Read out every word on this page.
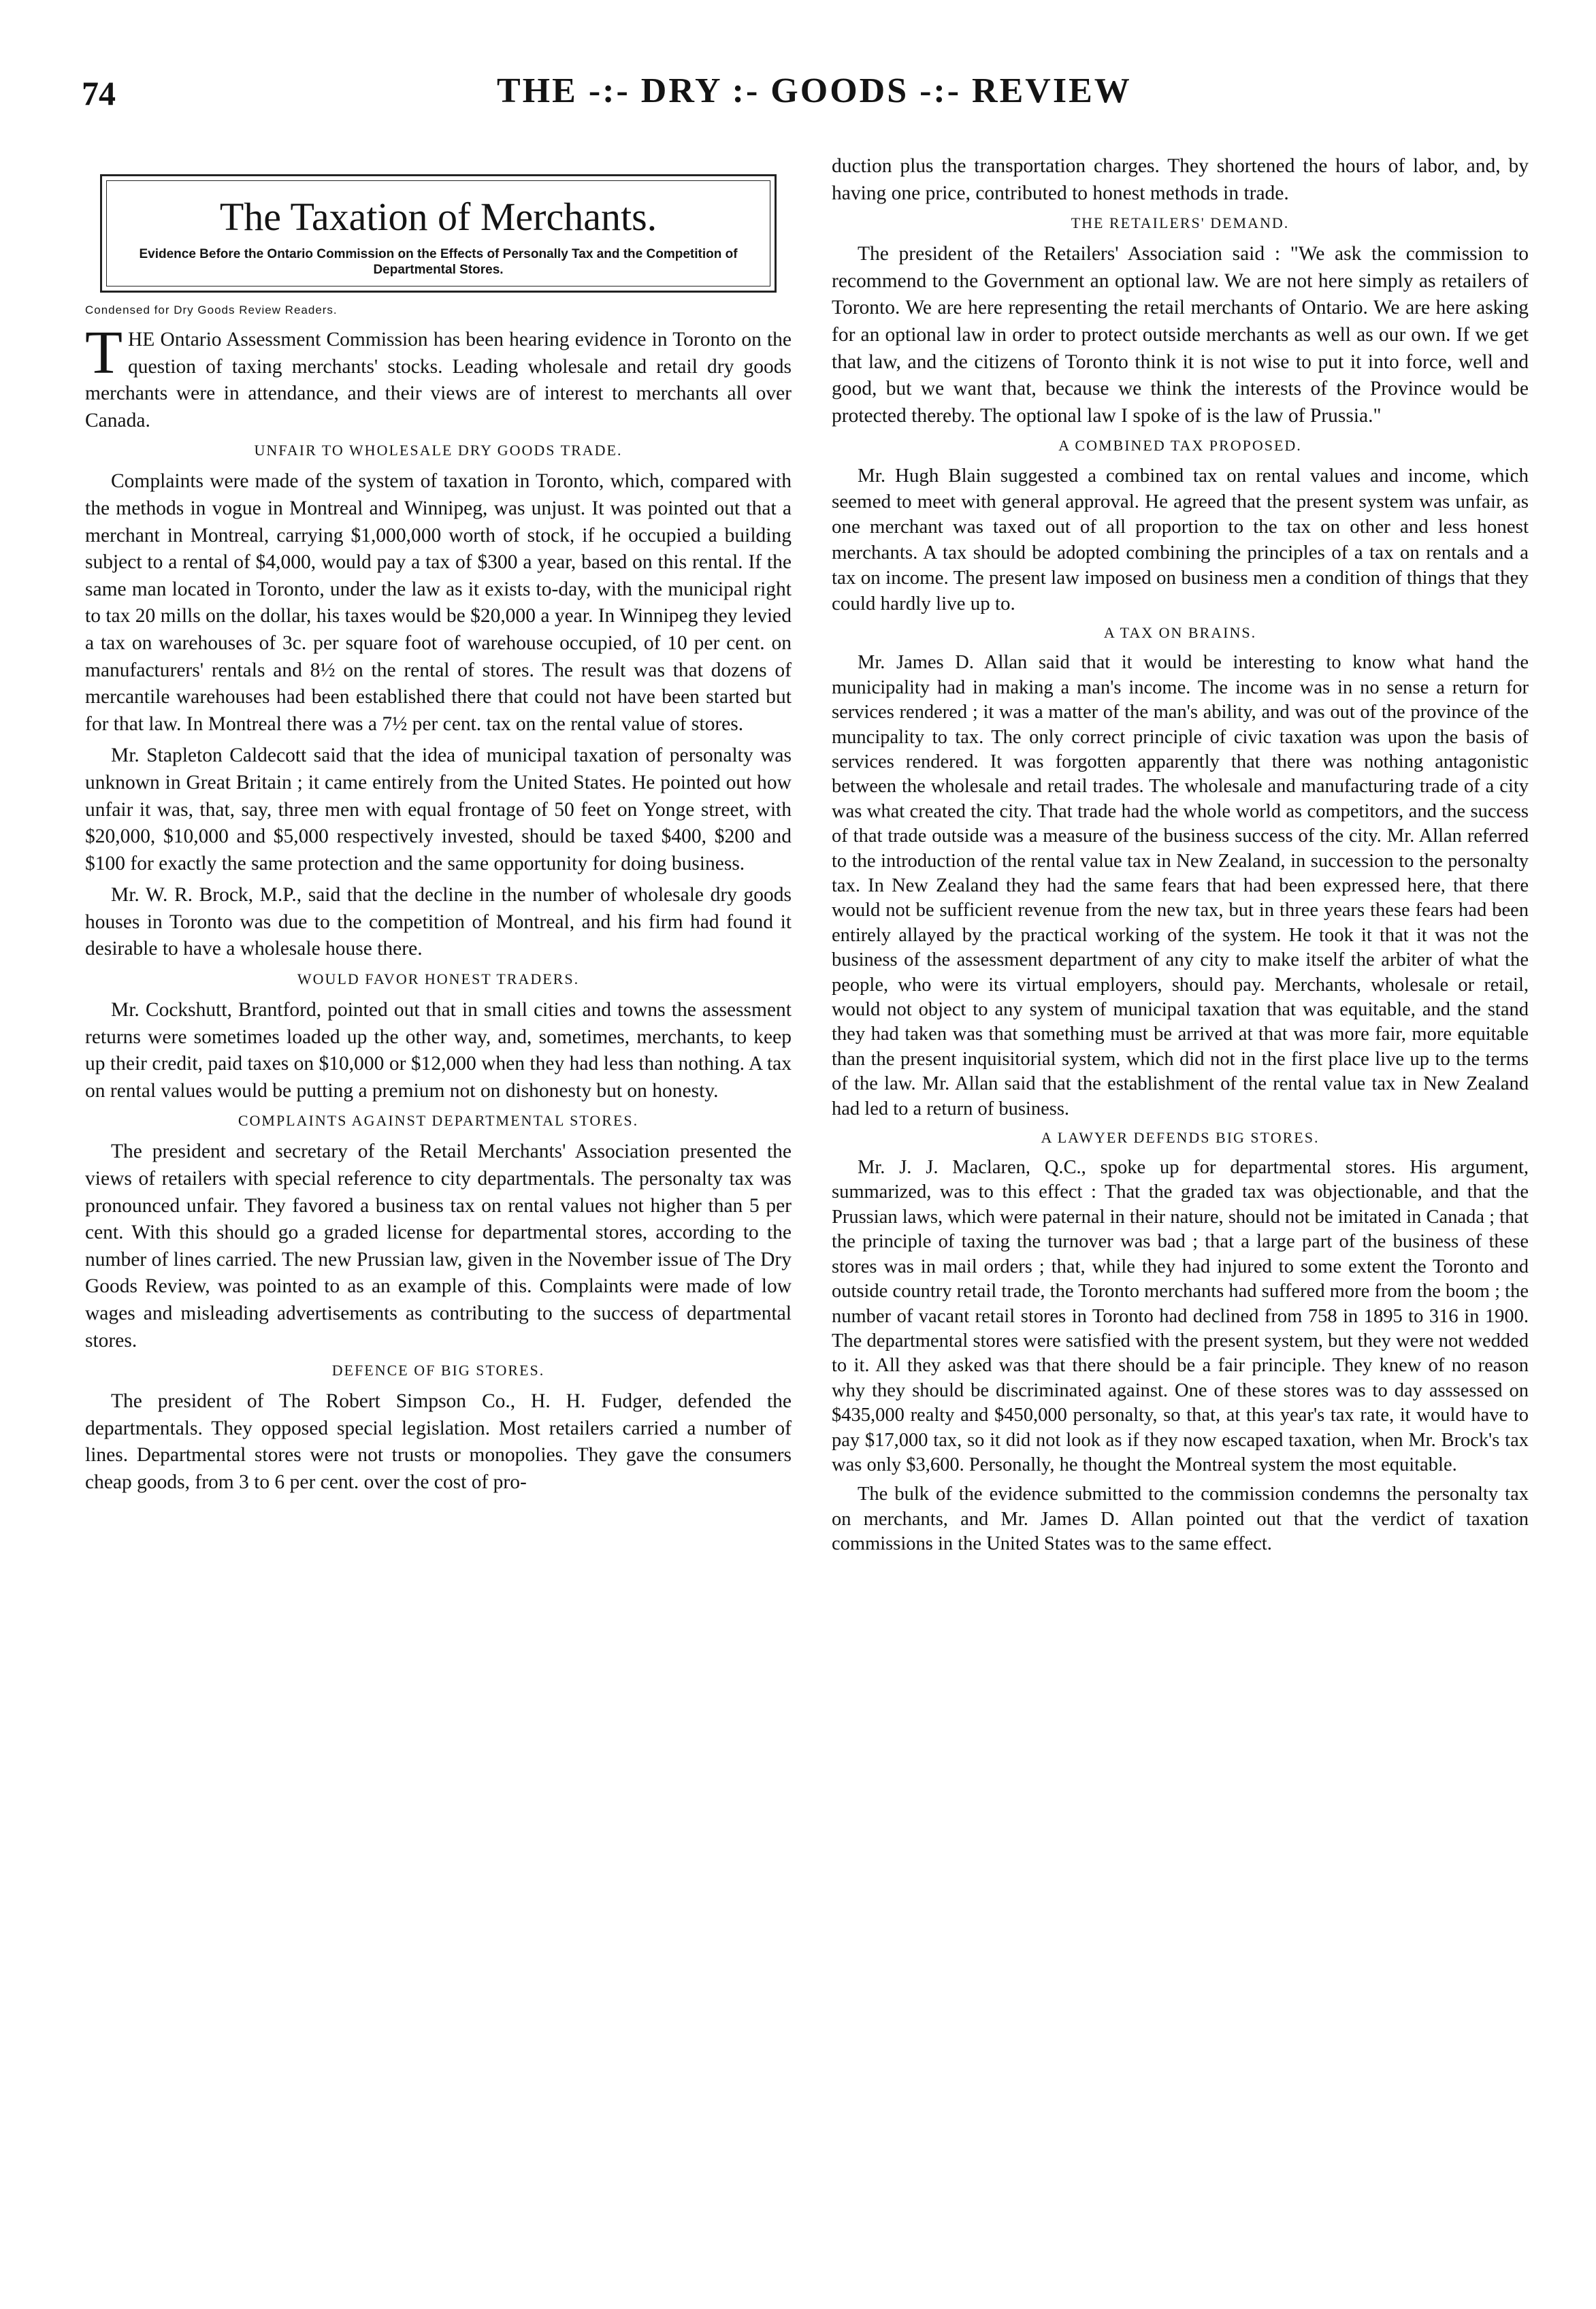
74	THE -:- DRY :- GOODS -:- REVIEW
The Taxation of Merchants.
Evidence Before the Ontario Commission on the Effects of Personally Tax and the Competition of Departmental Stores.
Condensed for Dry Goods Review Readers.

THE Ontario Assessment Commission has been hearing evidence in Toronto on the question of taxing merchants' stocks. Leading wholesale and retail dry goods merchants were in attendance, and their views are of interest to merchants all over Canada.

UNFAIR TO WHOLESALE DRY GOODS TRADE.

Complaints were made of the system of taxation in Toronto, which, compared with the methods in vogue in Montreal and Winnipeg, was unjust. It was pointed out that a merchant in Montreal, carrying $1,000,000 worth of stock, if he occupied a building subject to a rental of $4,000, would pay a tax of $300 a year, based on this rental. If the same man located in Toronto, under the law as it exists to-day, with the municipal right to tax 20 mills on the dollar, his taxes would be $20,000 a year. In Winnipeg they levied a tax on warehouses of 3c. per square foot of warehouse occupied, of 10 per cent. on manufacturers' rentals and 8½ on the rental of stores. The result was that dozens of mercantile warehouses had been established there that could not have been started but for that law. In Montreal there was a 7½ per cent. tax on the rental value of stores.

Mr. Stapleton Caldecott said that the idea of municipal taxation of personalty was unknown in Great Britain ; it came entirely from the United States. He pointed out how unfair it was, that, say, three men with equal frontage of 50 feet on Yonge street, with $20,000, $10,000 and $5,000 respectively invested, should be taxed $400, $200 and $100 for exactly the same protection and the same opportunity for doing business.

Mr. W. R. Brock, M.P., said that the decline in the number of wholesale dry goods houses in Toronto was due to the competition of Montreal, and his firm had found it desirable to have a wholesale house there.

WOULD FAVOR HONEST TRADERS.

Mr. Cockshutt, Brantford, pointed out that in small cities and towns the assessment returns were sometimes loaded up the other way, and, sometimes, merchants, to keep up their credit, paid taxes on $10,000 or $12,000 when they had less than nothing. A tax on rental values would be putting a premium not on dishonesty but on honesty.

COMPLAINTS AGAINST DEPARTMENTAL STORES.

The president and secretary of the Retail Merchants' Association presented the views of retailers with special reference to city departmentals. The personalty tax was pronounced unfair. They favored a business tax on rental values not higher than 5 per cent. With this should go a graded license for departmental stores, according to the number of lines carried. The new Prussian law, given in the November issue of The Dry Goods Review, was pointed to as an example of this. Complaints were made of low wages and misleading advertisements as contributing to the success of departmental stores.

DEFENCE OF BIG STORES.

The president of The Robert Simpson Co., H. H. Fudger, defended the departmentals. They opposed special legislation. Most retailers carried a number of lines. Departmental stores were not trusts or monopolies. They gave the consumers cheap goods, from 3 to 6 per cent. over the cost of pro-

duction plus the transportation charges. They shortened the hours of labor, and, by having one price, contributed to honest methods in trade.

THE RETAILERS' DEMAND.

The president of the Retailers' Association said : "We ask the commission to recommend to the Government an optional law. We are not here simply as retailers of Toronto. We are here representing the retail merchants of Ontario. We are here asking for an optional law in order to protect outside merchants as well as our own. If we get that law, and the citizens of Toronto think it is not wise to put it into force, well and good, but we want that, because we think the interests of the Province would be protected thereby. The optional law I spoke of is the law of Prussia."

A COMBINED TAX PROPOSED.

Mr. Hugh Blain suggested a combined tax on rental values and income, which seemed to meet with general approval. He agreed that the present system was unfair, as one merchant was taxed out of all proportion to the tax on other and less honest merchants. A tax should be adopted combining the principles of a tax on rentals and a tax on income. The present law imposed on business men a condition of things that they could hardly live up to.

A TAX ON BRAINS.

Mr. James D. Allan said that it would be interesting to know what hand the municipality had in making a man's income. The income was in no sense a return for services rendered ; it was a matter of the man's ability, and was out of the province of the muncipality to tax. The only correct principle of civic taxation was upon the basis of services rendered. It was forgotten apparently that there was nothing antagonistic between the wholesale and retail trades. The wholesale and manufacturing trade of a city was what created the city. That trade had the whole world as competitors, and the success of that trade outside was a measure of the business success of the city. Mr. Allan referred to the introduction of the rental value tax in New Zealand, in succession to the personalty tax. In New Zealand they had the same fears that had been expressed here, that there would not be sufficient revenue from the new tax, but in three years these fears had been entirely allayed by the practical working of the system. He took it that it was not the business of the assessment department of any city to make itself the arbiter of what the people, who were its virtual employers, should pay. Merchants, wholesale or retail, would not object to any system of municipal taxation that was equitable, and the stand they had taken was that something must be arrived at that was more fair, more equitable than the present inquisitorial system, which did not in the first place live up to the terms of the law. Mr. Allan said that the establishment of the rental value tax in New Zealand had led to a return of business.

A LAWYER DEFENDS BIG STORES.

Mr. J. J. Maclaren, Q.C., spoke up for departmental stores. His argument, summarized, was to this effect : That the graded tax was objectionable, and that the Prussian laws, which were paternal in their nature, should not be imitated in Canada ; that the principle of taxing the turnover was bad ; that a large part of the business of these stores was in mail orders ; that, while they had injured to some extent the Toronto and outside country retail trade, the Toronto merchants had suffered more from the boom ; the number of vacant retail stores in Toronto had declined from 758 in 1895 to 316 in 1900. The departmental stores were satisfied with the present system, but they were not wedded to it. All they asked was that there should be a fair principle. They knew of no reason why they should be discriminated against. One of these stores was to day asssessed on $435,000 realty and $450,000 personalty, so that, at this year's tax rate, it would have to pay $17,000 tax, so it did not look as if they now escaped taxation, when Mr. Brock's tax was only $3,600. Personally, he thought the Montreal system the most equitable.

The bulk of the evidence submitted to the commission condemns the personalty tax on merchants, and Mr. James D. Allan pointed out that the verdict of taxation commissions in the United States was to the same effect.
